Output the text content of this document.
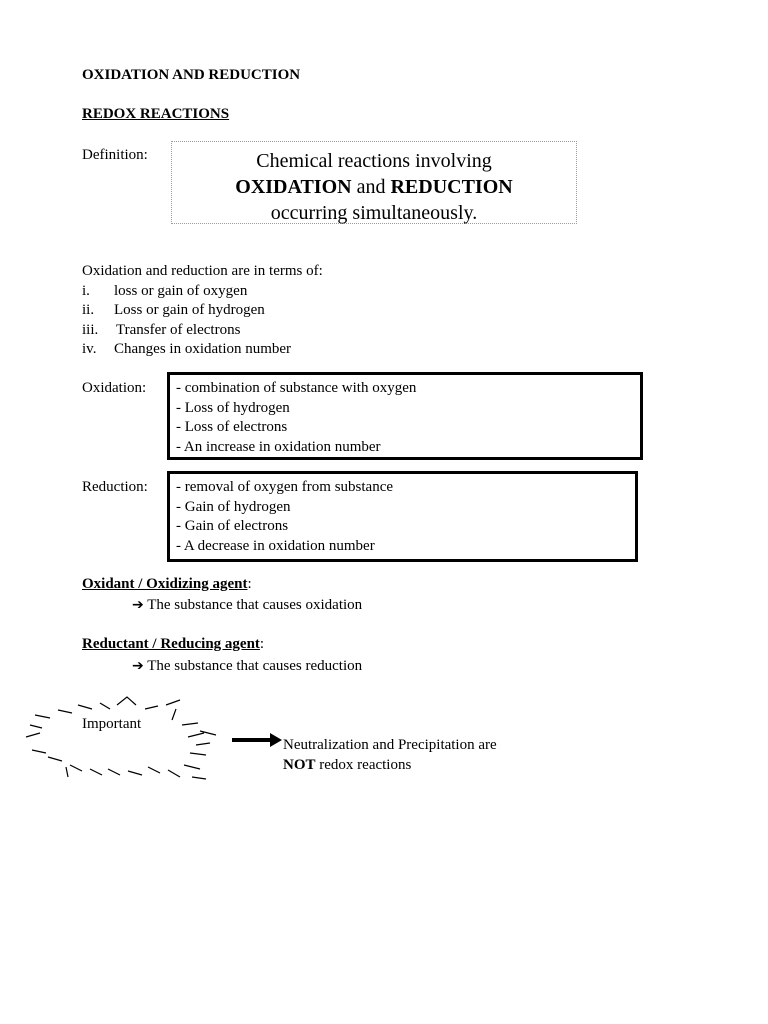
OXIDATION AND REDUCTION
REDOX REACTIONS
Definition:	Chemical reactions involving
OXIDATION and REDUCTION
occurring simultaneously.
Oxidation and reduction are in terms of:
i. loss or gain of oxygen
ii. Loss or gain of hydrogen
iii. Transfer of electrons
iv. Changes in oxidation number
Oxidation: - combination of substance with oxygen
- Loss of hydrogen
- Loss of electrons
- An increase in oxidation number
Reduction: - removal of oxygen from substance
- Gain of hydrogen
- Gain of electrons
- A decrease in oxidation number
Oxidant / Oxidizing agent:
➔ The substance that causes oxidation
Reductant / Reducing agent:
➔ The substance that causes reduction
Important
Neutralization and Precipitation are
NOT redox reactions
